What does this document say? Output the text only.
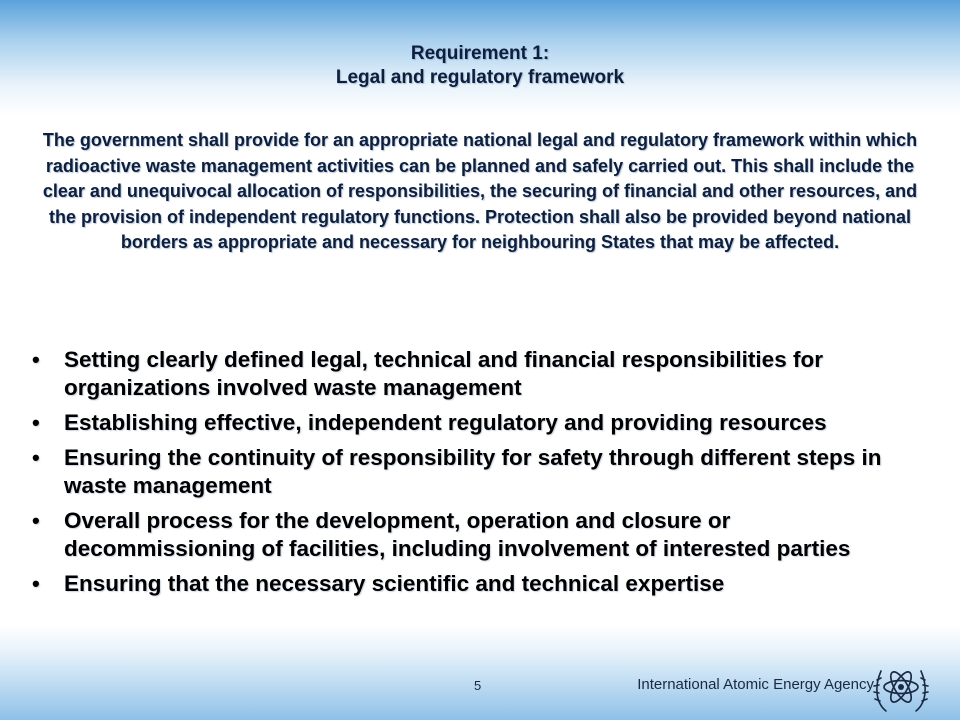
Requirement 1:
Legal and regulatory framework
The government shall provide for an appropriate national legal and regulatory framework within which radioactive waste management activities can be planned and safely carried out. This shall include the clear and unequivocal allocation of responsibilities, the securing of financial and other resources, and the provision of independent regulatory functions. Protection shall also be provided beyond national borders as appropriate and necessary for neighbouring States that may be affected.
• Setting clearly defined legal, technical and financial responsibilities for organizations involved waste management
• Establishing effective, independent regulatory and providing resources
• Ensuring the continuity of responsibility for safety through different steps in waste management
• Overall process for the development, operation and closure or decommissioning of facilities, including involvement of interested parties
• Ensuring that the necessary scientific and technical expertise
5	International Atomic Energy Agency
